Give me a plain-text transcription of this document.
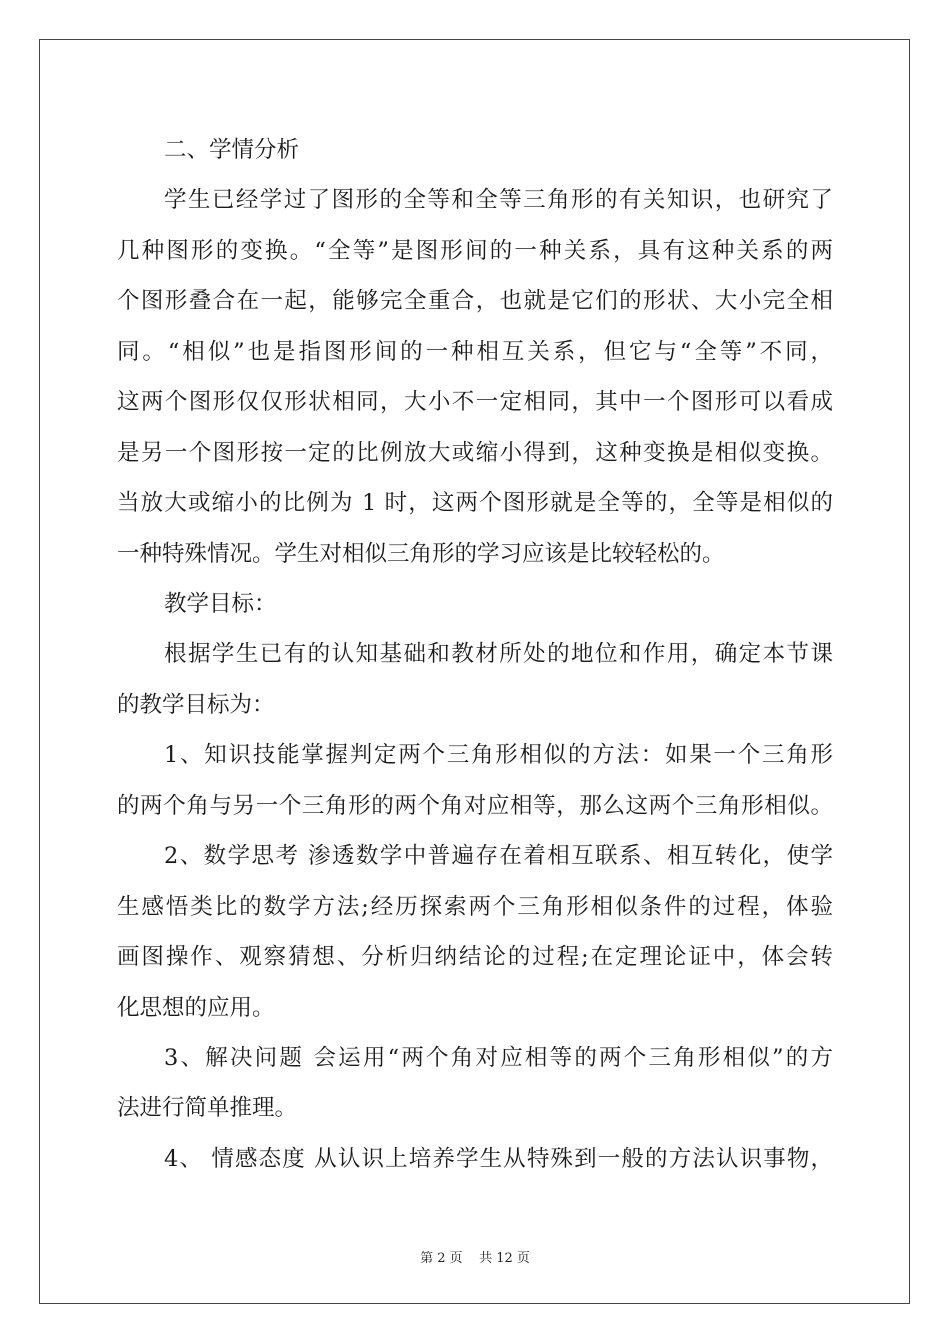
二、学情分析
学生已经学过了图形的全等和全等三角形的有关知识，也研究了
几种图形的变换。“全等”是图形间的一种关系，具有这种关系的两
个图形叠合在一起，能够完全重合，也就是它们的形状、大小完全相
同。“相似”也是指图形间的一种相互关系，但它与“全等”不同，
这两个图形仅仅形状相同，大小不一定相同，其中一个图形可以看成
是另一个图形按一定的比例放大或缩小得到，这种变换是相似变换。
当放大或缩小的比例为 1 时，这两个图形就是全等的，全等是相似的
一种特殊情况。学生对相似三角形的学习应该是比较轻松的。
教学目标：
根据学生已有的认知基础和教材所处的地位和作用，确定本节课
的教学目标为：
1、知识技能掌握判定两个三角形相似的方法：如果一个三角形
的两个角与另一个三角形的两个角对应相等，那么这两个三角形相似。
2、数学思考 渗透数学中普遍存在着相互联系、相互转化，使学
生感悟类比的数学方法;经历探索两个三角形相似条件的过程，体验
画图操作、观察猜想、分析归纳结论的过程;在定理论证中，体会转
化思想的应用。
3、解决问题 会运用“两个角对应相等的两个三角形相似”的方
法进行简单推理。
4、 情感态度 从认识上培养学生从特殊到一般的方法认识事物，
第 2 页    共 12 页
